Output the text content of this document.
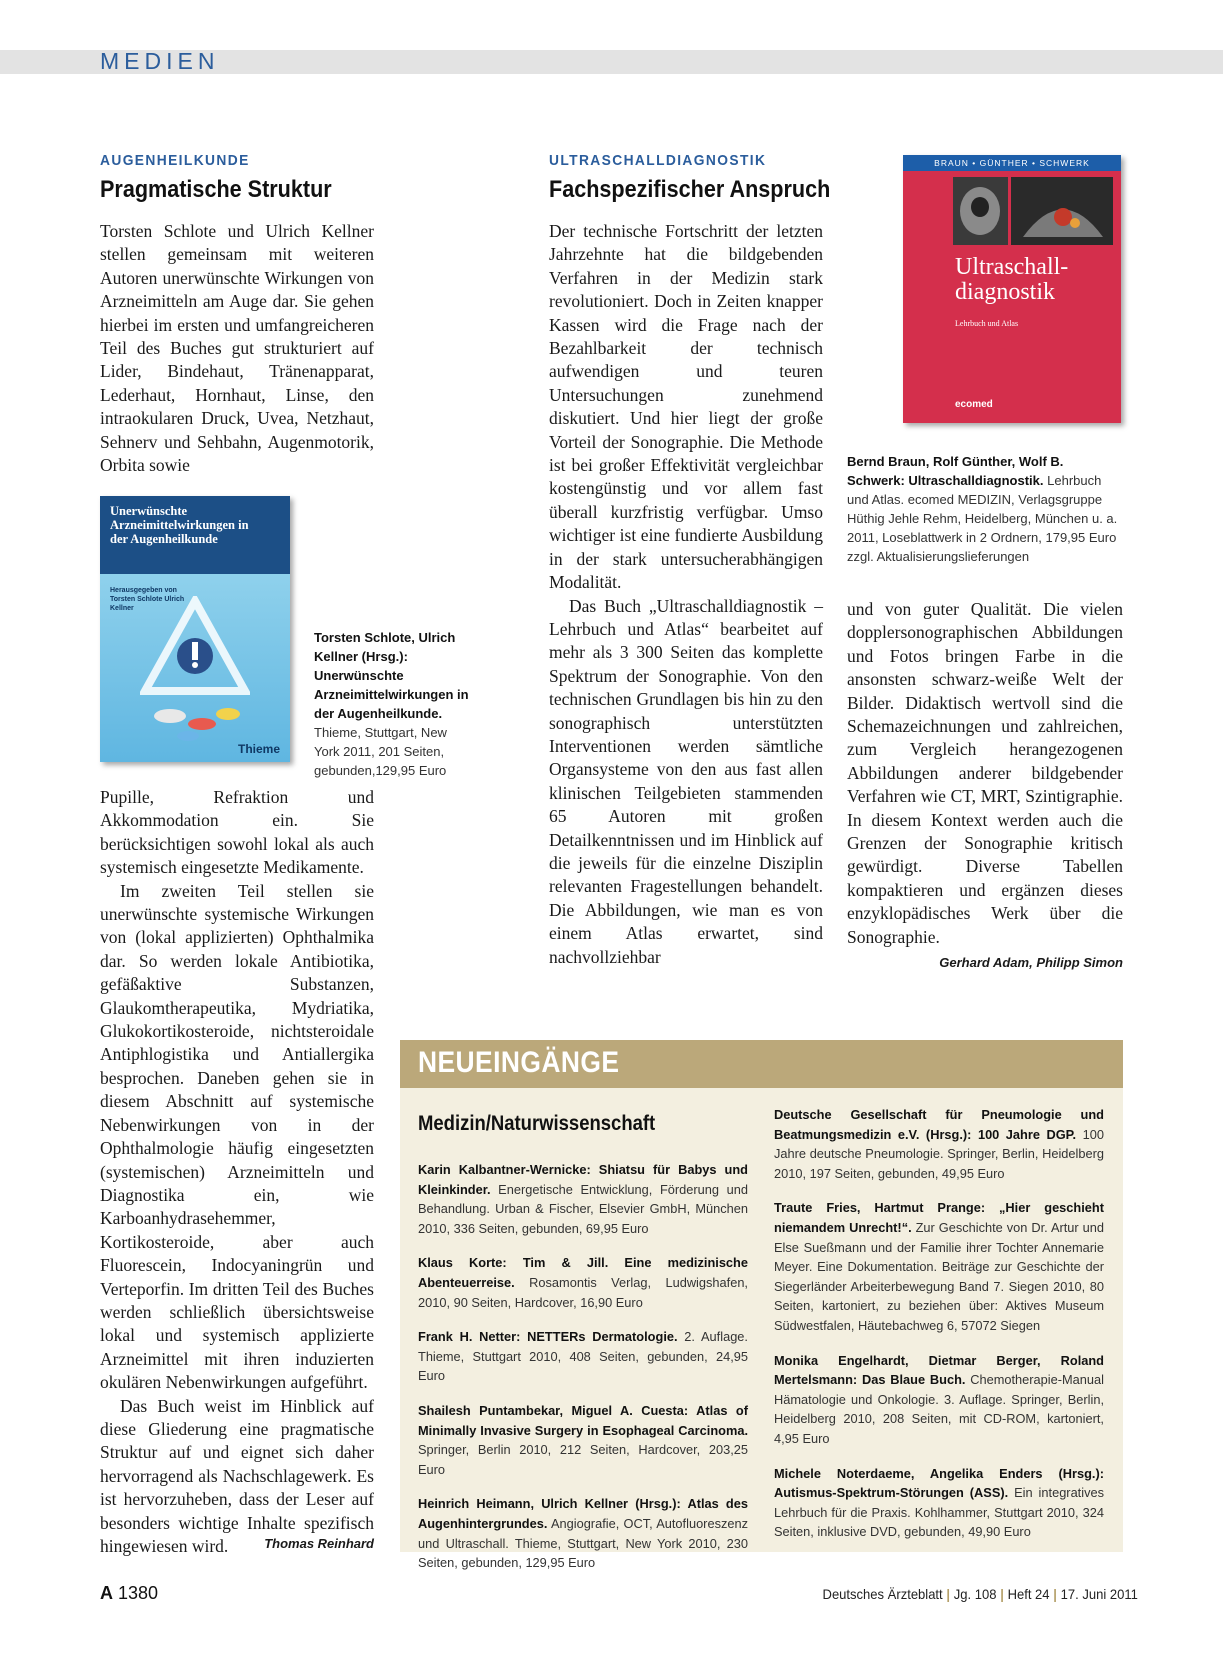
MEDIEN
AUGENHEILKUNDE
Pragmatische Struktur

Torsten Schlote und Ulrich Kellner stellen gemeinsam mit weiteren Autoren unerwünschte Wirkungen von Arzneimitteln am Auge dar. Sie gehen hierbei im ersten und umfangreicheren Teil des Buches gut strukturiert auf Lider, Bindehaut, Tränenapparat, Lederhaut, Hornhaut, Linse, den intraokularen Druck, Uvea, Netzhaut, Sehnerv und Sehbahn, Augenmotorik, Orbita sowie

Unerwünschte Arzneimittelwirkungen in der Augenheilkunde
Herausgegeben von Torsten Schlote Ulrich Kellner
Thieme
Torsten Schlote, Ulrich Kellner (Hrsg.): Unerwünschte Arzneimittelwirkungen in der Augenheilkunde. Thieme, Stuttgart, New York 2011, 201 Seiten, gebunden,129,95 Euro

Pupille, Refraktion und Akkommodation ein. Sie berücksichtigen sowohl lokal als auch systemisch eingesetzte Medikamente.

Im zweiten Teil stellen sie unerwünschte systemische Wirkungen von (lokal applizierten) Ophthalmika dar. So werden lokale Antibiotika, gefäßaktive Substanzen, Glaukomtherapeutika, Mydriatika, Glukokortikosteroide, nichtsteroidale Antiphlogistika und Antiallergika besprochen. Daneben gehen sie in diesem Abschnitt auf systemische Nebenwirkungen von in der Ophthalmologie häufig eingesetzten (systemischen) Arzneimitteln und Diagnostika ein, wie Karboanhydrasehemmer, Kortikosteroide, aber auch Fluorescein, Indocyaningrün und Verteporfin. Im dritten Teil des Buches werden schließlich übersichtsweise lokal und systemisch applizierte Arzneimittel mit ihren induzierten okulären Nebenwirkungen aufgeführt.

Das Buch weist im Hinblick auf diese Gliederung eine pragmatische Struktur auf und eignet sich daher hervorragend als Nachschlagewerk. Es ist hervorzuheben, dass der Leser auf besonders wichtige Inhalte spezifisch hingewiesen wird.	Thomas Reinhard
ULTRASCHALLDIAGNOSTIK
Fachspezifischer Anspruch

Der technische Fortschritt der letzten Jahrzehnte hat die bildgebenden Verfahren in der Medizin stark revolutioniert. Doch in Zeiten knapper Kassen wird die Frage nach der Bezahlbarkeit der technisch aufwendigen und teuren Untersuchungen zunehmend diskutiert. Und hier liegt der große Vorteil der Sonographie. Die Methode ist bei großer Effektivität vergleichbar kostengünstig und vor allem fast überall kurzfristig verfügbar. Umso wichtiger ist eine fundierte Ausbildung in der stark untersucherabhängigen Modalität.

Das Buch „Ultraschalldiagnostik – Lehrbuch und Atlas“ bearbeitet auf mehr als 3 300 Seiten das komplette Spektrum der Sonographie. Von den technischen Grundlagen bis hin zu den sonographisch unterstützten Interventionen werden sämtliche Organsysteme von den aus fast allen klinischen Teilgebieten stammenden 65 Autoren mit großen Detailkenntnissen und im Hinblick auf die jeweils für die einzelne Disziplin relevanten Fragestellungen behandelt. Die Abbildungen, wie man es von einem Atlas erwartet, sind nachvollziehbar

BRAUN • GÜNTHER • SCHWERK
Ultraschall-diagnostik
Lehrbuch und Atlas
ecomed
Bernd Braun, Rolf Günther, Wolf B. Schwerk: Ultraschalldiagnostik. Lehrbuch und Atlas. ecomed MEDIZIN, Verlagsgruppe Hüthig Jehle Rehm, Heidelberg, München u. a. 2011, Loseblattwerk in 2 Ordnern, 179,95 Euro zzgl. Aktualisierungslieferungen

und von guter Qualität. Die vielen dopplersonographischen Abbildungen und Fotos bringen Farbe in die ansonsten schwarz-weiße Welt der Bilder. Didaktisch wertvoll sind die Schemazeichnungen und zahlreichen, zum Vergleich herangezogenen Abbildungen anderer bildgebender Verfahren wie CT, MRT, Szintigraphie. In diesem Kontext werden auch die Grenzen der Sonographie kritisch gewürdigt. Diverse Tabellen kompaktieren und ergänzen dieses enzyklopädisches Werk über die Sonographie.

Gerhard Adam, Philipp Simon
NEUEINGÄNGE
Medizin/Naturwissenschaft
Karin Kalbantner-Wernicke: Shiatsu für Babys und Kleinkinder. Energetische Entwicklung, Förderung und Behandlung. Urban & Fischer, Elsevier GmbH, München 2010, 336 Seiten, gebunden, 69,95 Euro
Klaus Korte: Tim & Jill. Eine medizinische Abenteuerreise. Rosamontis Verlag, Ludwigshafen, 2010, 90 Seiten, Hardcover, 16,90 Euro
Frank H. Netter: NETTERs Dermatologie. 2. Auflage. Thieme, Stuttgart 2010, 408 Seiten, gebunden, 24,95 Euro
Shailesh Puntambekar, Miguel A. Cuesta: Atlas of Minimally Invasive Surgery in Esophageal Carcinoma. Springer, Berlin 2010, 212 Seiten, Hardcover, 203,25 Euro
Heinrich Heimann, Ulrich Kellner (Hrsg.): Atlas des Augenhintergrundes. Angiografie, OCT, Autofluoreszenz und Ultraschall. Thieme, Stuttgart, New York 2010, 230 Seiten, gebunden, 129,95 Euro
Deutsche Gesellschaft für Pneumologie und Beatmungsmedizin e.V. (Hrsg.): 100 Jahre DGP. 100 Jahre deutsche Pneumologie. Springer, Berlin, Heidelberg 2010, 197 Seiten, gebunden, 49,95 Euro
Traute Fries, Hartmut Prange: „Hier geschieht niemandem Unrecht!“. Zur Geschichte von Dr. Artur und Else Sueßmann und der Familie ihrer Tochter Annemarie Meyer. Eine Dokumentation. Beiträge zur Geschichte der Siegerländer Arbeiterbewegung Band 7. Siegen 2010, 80 Seiten, kartoniert, zu beziehen über: Aktives Museum Südwestfalen, Häutebachweg 6, 57072 Siegen
Monika Engelhardt, Dietmar Berger, Roland Mertelsmann: Das Blaue Buch. Chemotherapie-Manual Hämatologie und Onkologie. 3. Auflage. Springer, Berlin, Heidelberg 2010, 208 Seiten, mit CD-ROM, kartoniert, 4,95 Euro
Michele Noterdaeme, Angelika Enders (Hrsg.): Autismus-Spektrum-Störungen (ASS). Ein integratives Lehrbuch für die Praxis. Kohlhammer, Stuttgart 2010, 324 Seiten, inklusive DVD, gebunden, 49,90 Euro
A 1380	Deutsches Ärzteblatt | Jg. 108 | Heft 24 | 17. Juni 2011
